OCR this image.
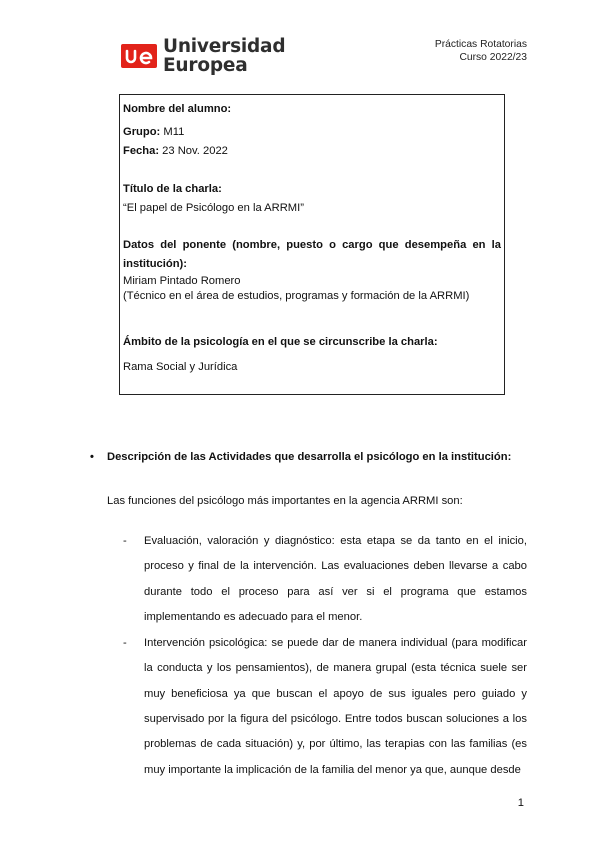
Universidad
Europea
Prácticas Rotatorias
Curso 2022/23

Nombre del alumno:

Grupo: M11

Fecha: 23 Nov. 2022

Título de la charla:

“El papel de Psicólogo en la ARRMI”

Datos del ponente (nombre, puesto o cargo que desempeña en la

institución):

Miriam Pintado Romero

(Técnico en el área de estudios, programas y formación de la ARRMI)

Ámbito de la psicología en el que se circunscribe la charla:

Rama Social y Jurídica

•	Descripción de las Actividades que desarrolla el psicólogo en la institución:
Las funciones del psicólogo más importantes en la agencia ARRMI son:
-	Evaluación, valoración y diagnóstico: esta etapa se da tanto en el inicio, proceso y final de la intervención. Las evaluaciones deben llevarse a cabo durante todo el proceso para así ver si el programa que estamos implementando es adecuado para el menor.
-	Intervención psicológica: se puede dar de manera individual (para modificar la conducta y los pensamientos), de manera grupal (esta técnica suele ser muy beneficiosa ya que buscan el apoyo de sus iguales pero guiado y supervisado por la figura del psicólogo. Entre todos buscan soluciones a los problemas de cada situación) y, por último, las terapias con las familias (es muy importante la implicación de la familia del menor ya que, aunque desde
1
